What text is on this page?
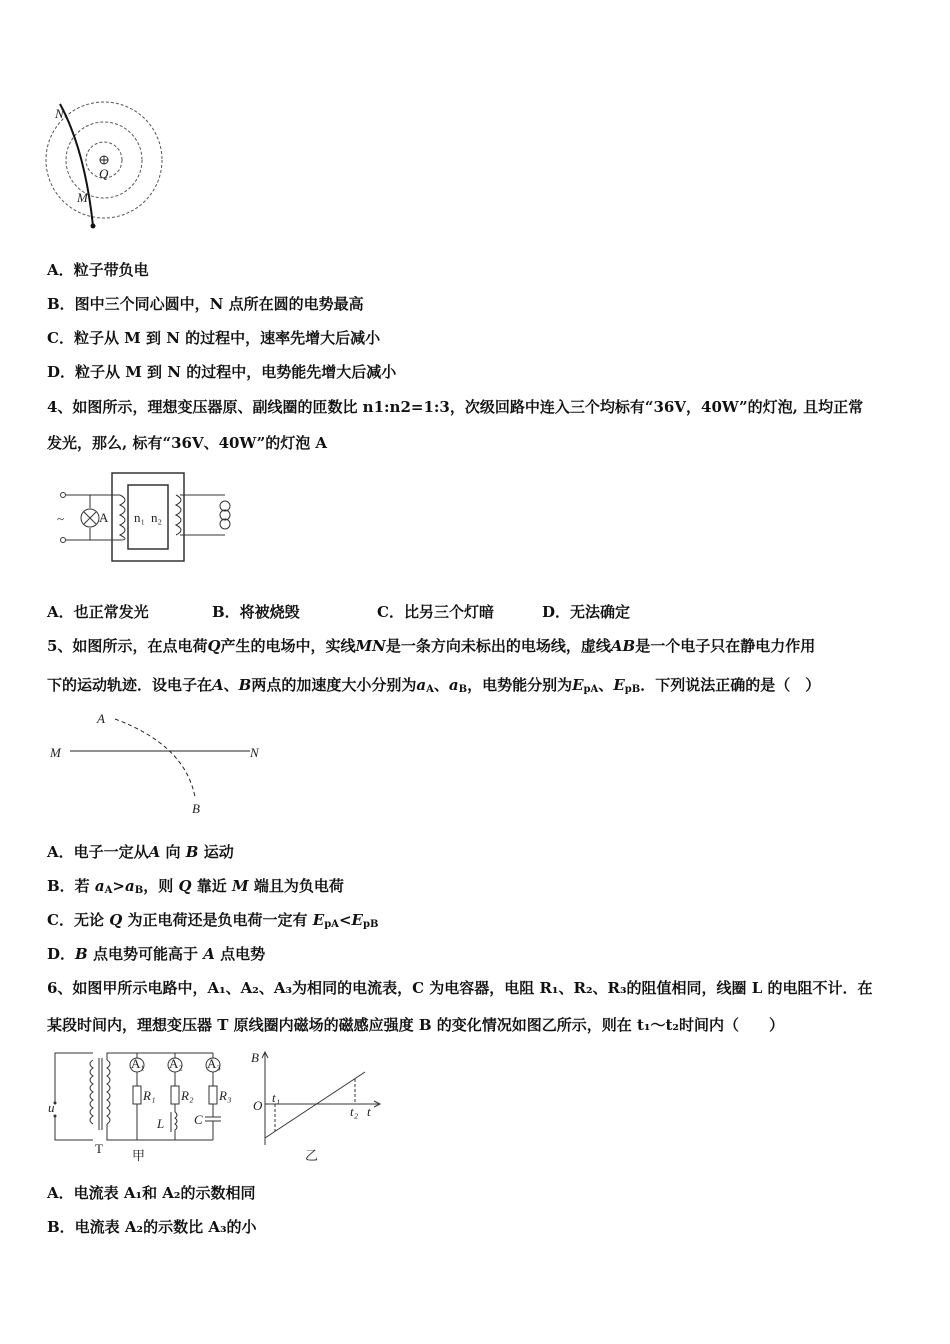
N
Q
M
A．粒子带负电
B．图中三个同心圆中，N 点所在圆的电势最高
C．粒子从 M 到 N 的过程中，速率先增大后减小
D．粒子从 M 到 N 的过程中，电势能先增大后减小
4、如图所示，理想变压器原、副线圈的匝数比 n1:n2=1:3，次级回路中连入三个均标有“36V，40W”的灯泡, 且均正常
发光，那么, 标有“36V、40W”的灯泡 A
~	A n₁ n₂
A．也正常发光	B．将被烧毁	C．比另三个灯暗	D．无法确定
5、如图所示，在点电荷Q产生的电场中，实线MN是一条方向未标出的电场线，虚线AB是一个电子只在静电力作用
下的运动轨迹．设电子在A、B两点的加速度大小分别为$a_A$、$a_B$，电势能分别为$E_{pA}$、$E_{pB}$．下列说法正确的是（　）
A
B
M	N
A．电子一定从A 向 B 运动
B．若 $a_A>a_B$，则 Q 靠近 M 端且为负电荷
C．无论 Q 为正电荷还是负电荷一定有 $E_{pA}<E_{pB}$
D．B 点电势可能高于 A 点电势
6、如图甲所示电路中，A₁、A₂、A₃为相同的电流表，C 为电容器，电阻 R₁、R₂、R₃的阻值相同，线圈 L 的电阻不计．在
某段时间内，理想变压器 T 原线圈内磁场的磁感应强度 B 的变化情况如图乙所示，则在 t₁～t₂时间内（　　）
u
A₁ A₂ A₃
R₁ R₂ R₃
L C
T 甲
B
O
t₁
t₂ t
乙
A．电流表 A₁和 A₂的示数相同
B．电流表 A₂的示数比 A₃的小
